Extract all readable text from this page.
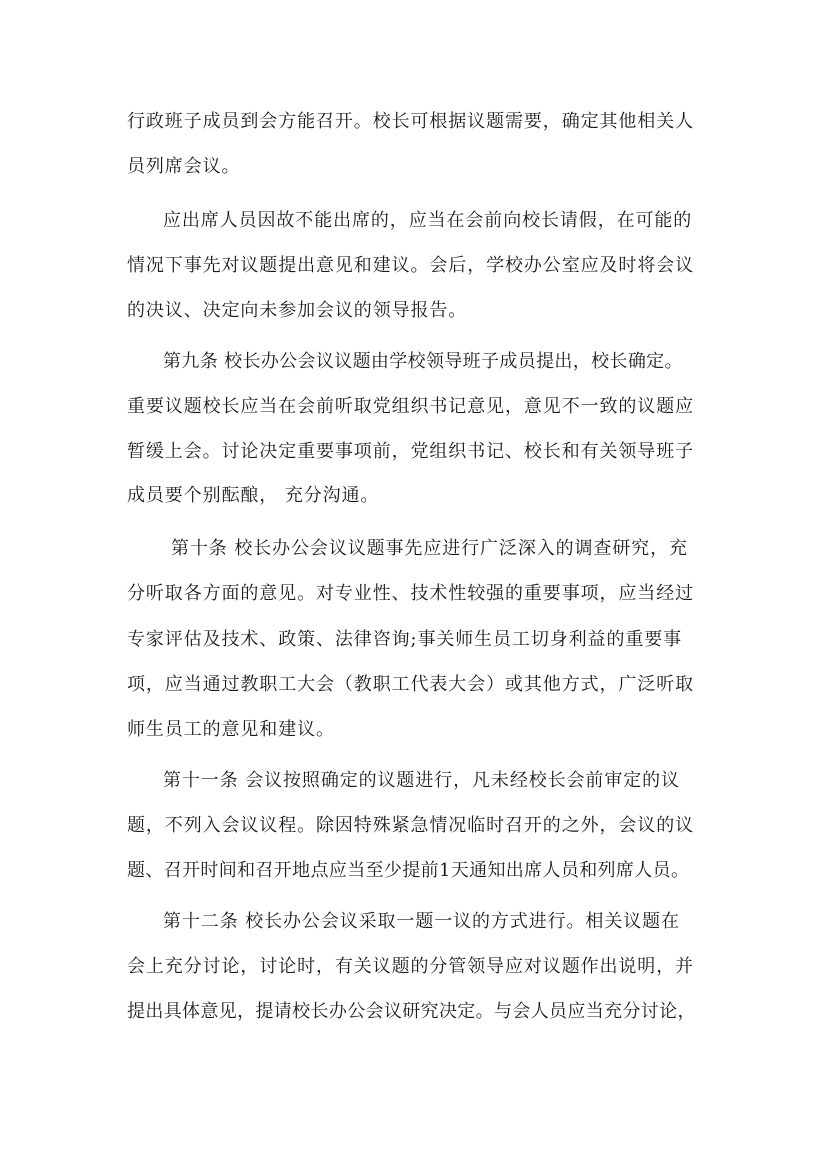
行政班子成员到会方能召开。校长可根据议题需要，确定其他相关人
员列席会议。
应出席人员因故不能出席的，应当在会前向校长请假，在可能的
情况下事先对议题提出意见和建议。会后，学校办公室应及时将会议
的决议、决定向未参加会议的领导报告。
第九条 校长办公会议议题由学校领导班子成员提出，校长确定。
重要议题校长应当在会前听取党组织书记意见，意见不一致的议题应
暂缓上会。讨论决定重要事项前，党组织书记、校长和有关领导班子
成员要个别酝酿， 充分沟通。
第十条 校长办公会议议题事先应进行广泛深入的调查研究，充
分听取各方面的意见。对专业性、技术性较强的重要事项，应当经过
专家评估及技术、政策、法律咨询;事关师生员工切身利益的重要事
项，应当通过教职工大会（教职工代表大会）或其他方式，广泛听取
师生员工的意见和建议。
第十一条 会议按照确定的议题进行，凡未经校长会前审定的议
题，不列入会议议程。除因特殊紧急情况临时召开的之外，会议的议
题、召开时间和召开地点应当至少提前1天通知出席人员和列席人员。
第十二条 校长办公会议采取一题一议的方式进行。相关议题在
会上充分讨论，讨论时，有关议题的分管领导应对议题作出说明，并
提出具体意见，提请校长办公会议研究决定。与会人员应当充分讨论，
